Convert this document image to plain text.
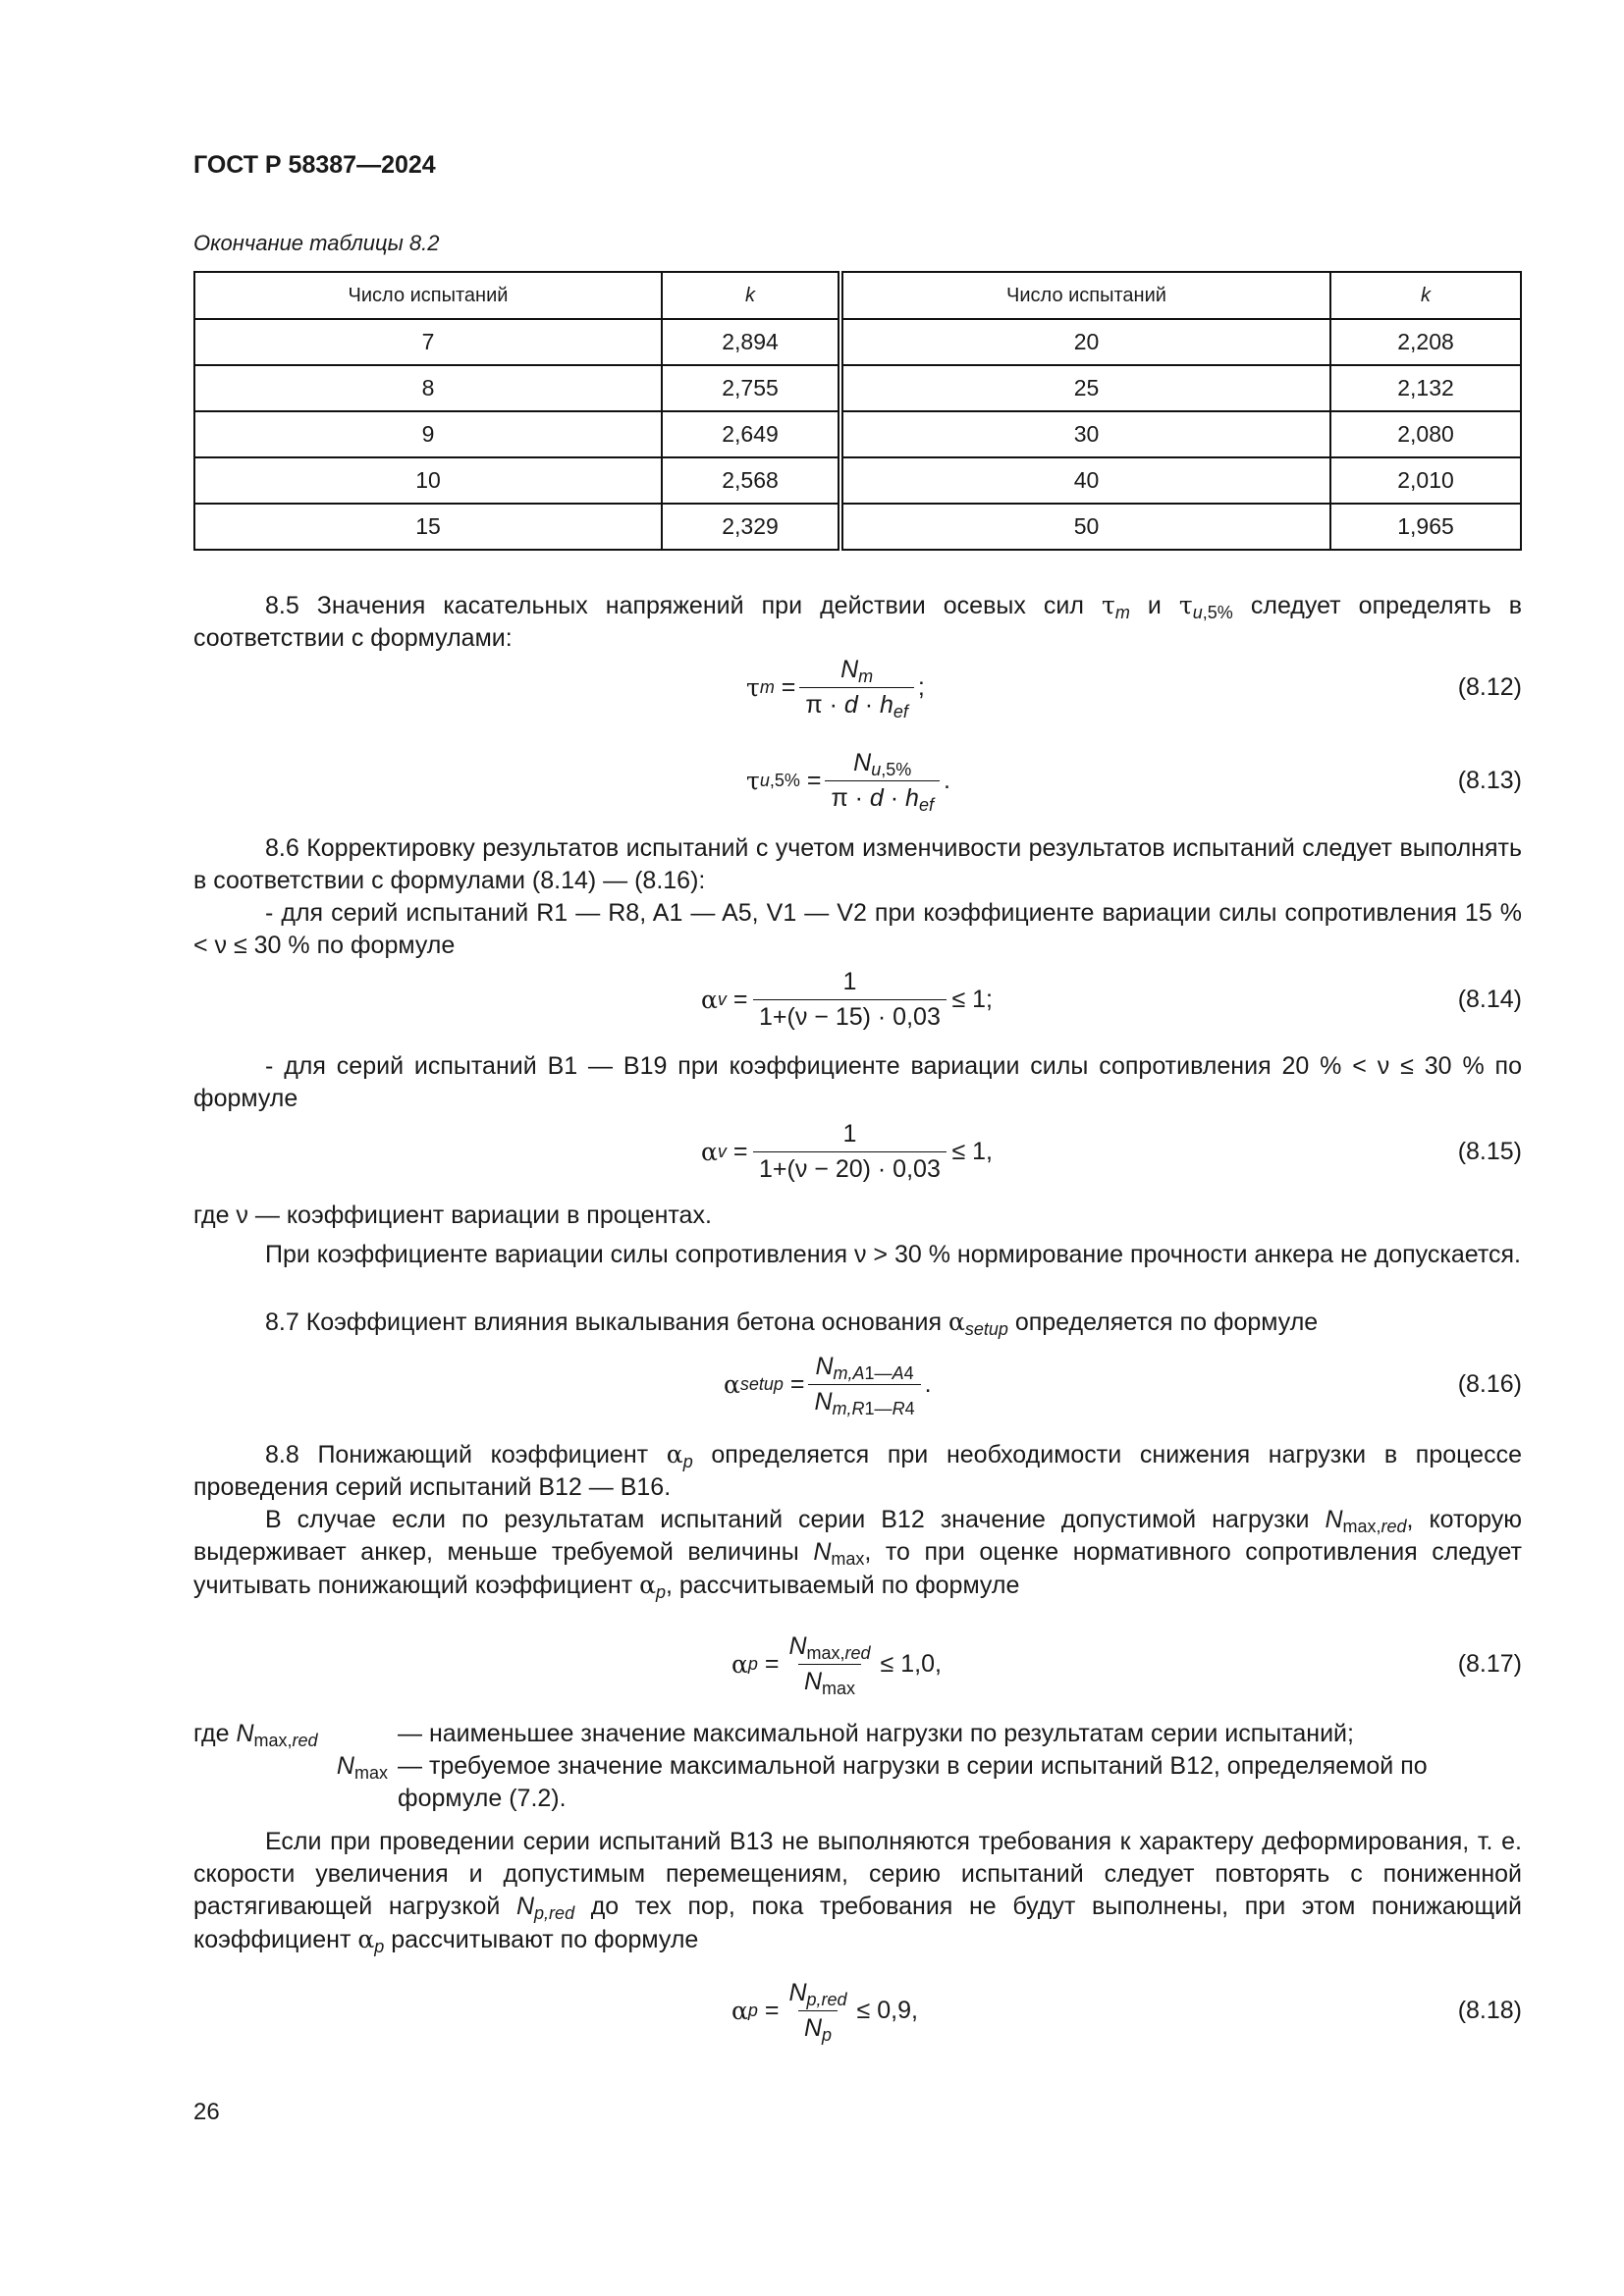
ГОСТ Р 58387—2024
Окончание таблицы 8.2
Число испытаний	k	Число испытаний	k
7	2,894	20	2,208
8	2,755	25	2,132
9	2,649	30	2,080
10	2,568	40	2,010
15	2,329	50	1,965
8.5 Значения касательных напряжений при действии осевых сил $\tau_m$ и $\tau_{u,5\%}$ следует определять в соответствии с формулами:
τ m =
$N_m$
$\pi \cdot d \cdot h_{ef}$
;	(8.12)
τ u,5% =
$N_{u,5\%}$
$\pi \cdot d \cdot h_{ef}$
.	(8.13)
8.6 Корректировку результатов испытаний с учетом изменчивости результатов испытаний следует выполнять в соответствии с формулами (8.14) — (8.16):
- для серий испытаний R1 — R8, A1 — A5, V1 — V2 при коэффициенте вариации силы сопротивления 15 % < ν ≤ 30 % по формуле
α v =
1
1+(ν − 15) · 0,03
≤ 1;	(8.14)
- для серий испытаний B1 — B19 при коэффициенте вариации силы сопротивления 20 % < ν ≤ 30 % по формуле
α v =
1
1+(ν − 20) · 0,03
≤ 1,	(8.15)
где ν — коэффициент вариации в процентах.
При коэффициенте вариации силы сопротивления ν > 30 % нормирование прочности анкера не допускается.
8.7 Коэффициент влияния выкалывания бетона основания $\alpha_{setup}$ определяется по формуле
α setup =
$N_{m,A1—A4}$
$N_{m,R1—R4}$
.	(8.16)
8.8 Понижающий коэффициент $\alpha_p$ определяется при необходимости снижения нагрузки в процессе проведения серий испытаний B12 — B16.
В случае если по результатам испытаний серии B12 значение допустимой нагрузки $N_{max,red}$, которую выдерживает анкер, меньше требуемой величины $N_{max}$, то при оценке нормативного сопротивления следует учитывать понижающий коэффициент $\alpha_p$, рассчитываемый по формуле
α p =
$N_{max,red}$
$N_{max}$
≤ 1,0,	(8.17)
где $N_{max,red}$	— наименьшее значение максимальной нагрузки по результатам серии испытаний;
$N_{max}$	— требуемое значение максимальной нагрузки в серии испытаний B12, определяемой по формуле (7.2).
Если при проведении серии испытаний B13 не выполняются требования к характеру деформирования, т. е. скорости увеличения и допустимым перемещениям, серию испытаний следует повторять с пониженной растягивающей нагрузкой $N_{p,red}$ до тех пор, пока требования не будут выполнены, при этом понижающий коэффициент $\alpha_p$ рассчитывают по формуле
α p =
$N_{p,red}$
$N_p$
≤ 0,9,	(8.18)
26
